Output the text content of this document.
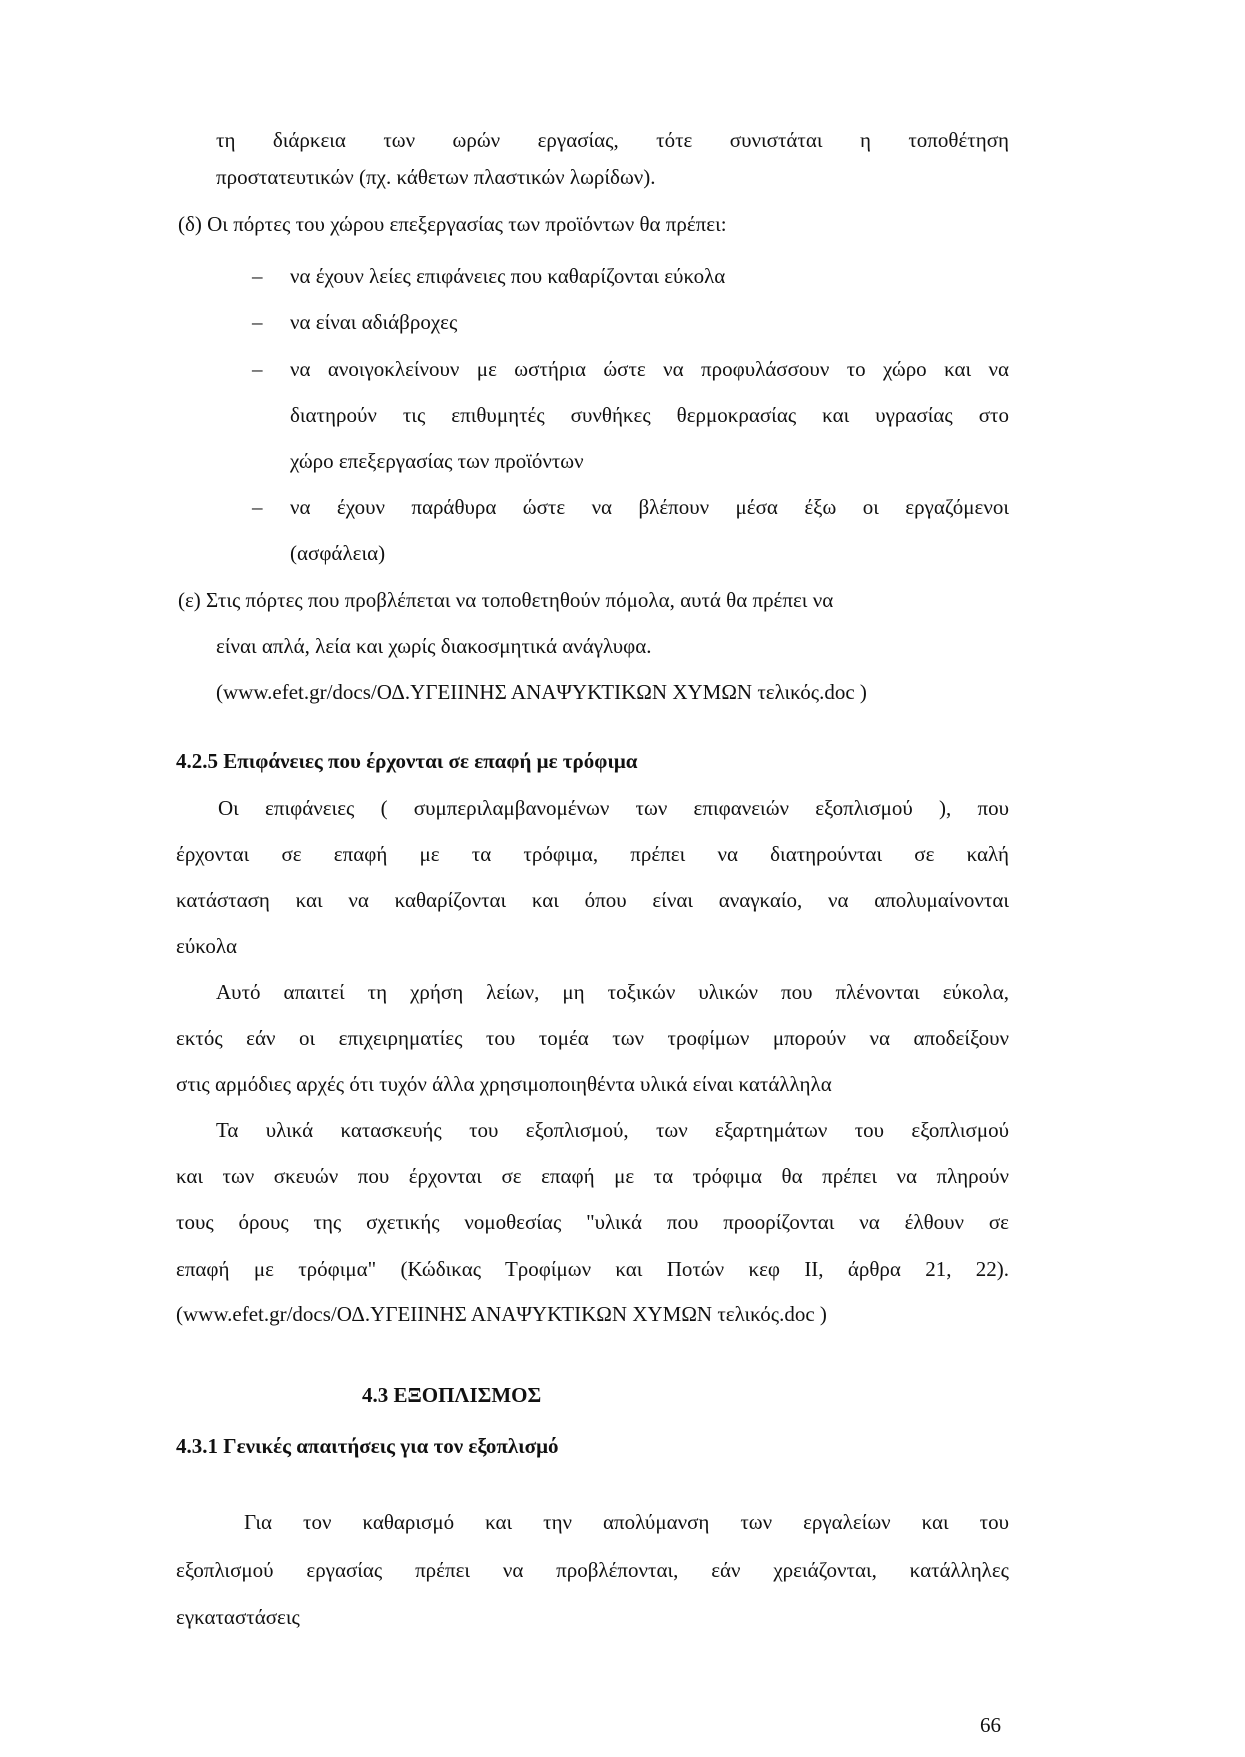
τη διάρκεια των ωρών εργασίας, τότε συνιστάται η τοποθέτηση
προστατευτικών (πχ. κάθετων πλαστικών λωρίδων).
(δ) Οι πόρτες του χώρου επεξεργασίας των προϊόντων θα πρέπει:
– να έχουν λείες επιφάνειες που καθαρίζονται εύκολα
– να είναι αδιάβροχες
– να ανοιγοκλείνουν με ωστήρια ώστε να προφυλάσσουν το χώρο και να
διατηρούν τις επιθυμητές συνθήκες θερμοκρασίας και υγρασίας στο
χώρο επεξεργασίας των προϊόντων
– να έχουν παράθυρα ώστε να βλέπουν μέσα έξω οι εργαζόμενοι
(ασφάλεια)
(ε) Στις πόρτες που προβλέπεται να τοποθετηθούν πόμολα, αυτά θα πρέπει να
είναι απλά, λεία και χωρίς διακοσμητικά ανάγλυφα.
(www.efet.gr/docs/ΟΔ.ΥΓΕΙΙΝΗΣ ΑΝΑΨΥΚΤΙΚΩΝ ΧΥΜΩΝ τελικός.doc )
4.2.5 Επιφάνειες που έρχονται σε επαφή με τρόφιμα
Οι επιφάνειες ( συμπεριλαμβανομένων των επιφανειών εξοπλισμού ), που
έρχονται σε επαφή με τα τρόφιμα, πρέπει να διατηρούνται σε καλή
κατάσταση και να καθαρίζονται και όπου είναι αναγκαίο, να απολυμαίνονται
εύκολα
Αυτό απαιτεί τη χρήση λείων, μη τοξικών υλικών που πλένονται εύκολα,
εκτός εάν οι επιχειρηματίες του τομέα των τροφίμων μπορούν να αποδείξουν
στις αρμόδιες αρχές ότι τυχόν άλλα χρησιμοποιηθέντα υλικά είναι κατάλληλα
Τα υλικά κατασκευής του εξοπλισμού, των εξαρτημάτων του εξοπλισμού
και των σκευών που έρχονται σε επαφή με τα τρόφιμα θα πρέπει να πληρούν
τους όρους της σχετικής νομοθεσίας "υλικά που προορίζονται να έλθουν σε
επαφή με τρόφιμα" (Κώδικας Τροφίμων και Ποτών κεφ II, άρθρα 21, 22).
(www.efet.gr/docs/ΟΔ.ΥΓΕΙΙΝΗΣ ΑΝΑΨΥΚΤΙΚΩΝ ΧΥΜΩΝ τελικός.doc )
4.3 ΕΞΟΠΛΙΣΜΟΣ
4.3.1 Γενικές απαιτήσεις για τον εξοπλισμό
Για τον καθαρισμό και την απολύμανση των εργαλείων και του
εξοπλισμού εργασίας πρέπει να προβλέπονται, εάν χρειάζονται, κατάλληλες
εγκαταστάσεις
66
